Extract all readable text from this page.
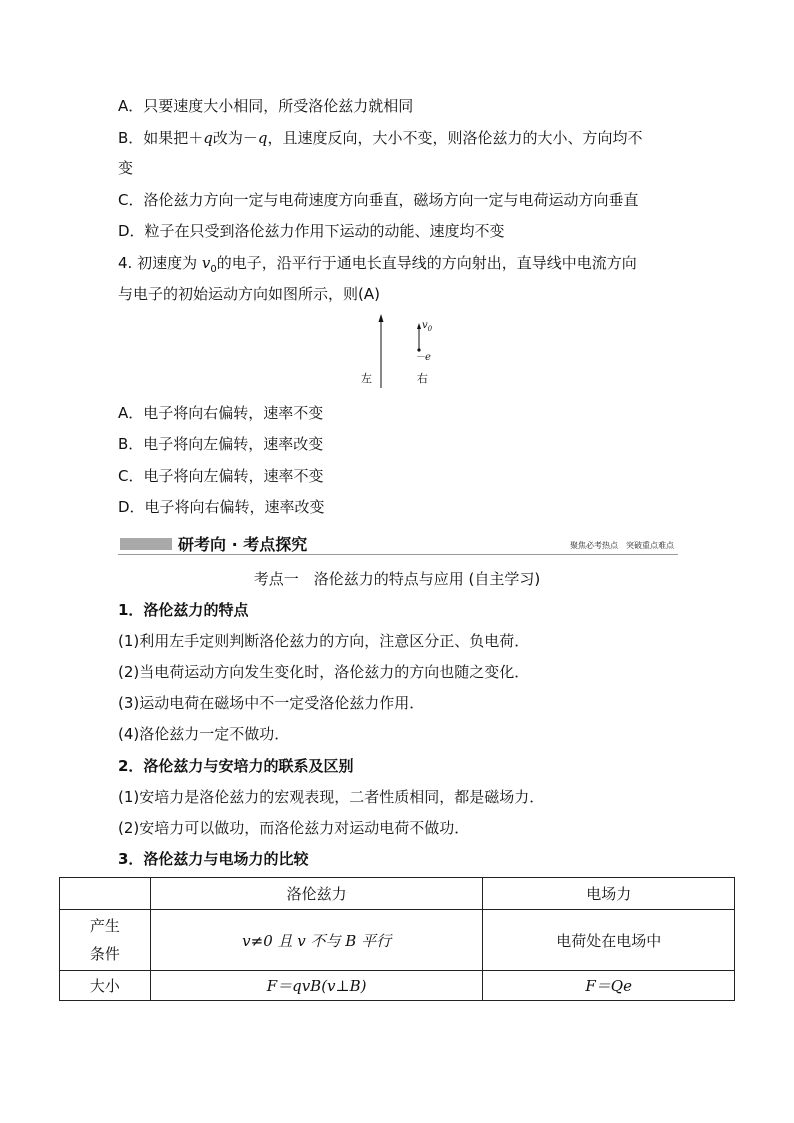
A．只要速度大小相同，所受洛伦兹力就相同
B．如果把＋q改为－q，且速度反向，大小不变，则洛伦兹力的大小、方向均不
变
C．洛伦兹力方向一定与电荷速度方向垂直，磁场方向一定与电荷运动方向垂直
D．粒子在只受到洛伦兹力作用下运动的动能、速度均不变
4. 初速度为 $v_0$的电子，沿平行于通电长直导线的方向射出，直导线中电流方向
与电子的初始运动方向如图所示，则(A)
$v_0$
－e
左	右
A．电子将向右偏转，速率不变
B．电子将向左偏转，速率改变
C．电子将向左偏转，速率不变
D．电子将向右偏转，速率改变
研考向 · 考点探究	聚焦必考热点　突破重点难点
考点一　洛伦兹力的特点与应用 (自主学习)
1．洛伦兹力的特点
(1)利用左手定则判断洛伦兹力的方向，注意区分正、负电荷．
(2)当电荷运动方向发生变化时，洛伦兹力的方向也随之变化．
(3)运动电荷在磁场中不一定受洛伦兹力作用．
(4)洛伦兹力一定不做功．
2．洛伦兹力与安培力的联系及区别
(1)安培力是洛伦兹力的宏观表现，二者性质相同，都是磁场力．
(2)安培力可以做功，而洛伦兹力对运动电荷不做功．
3．洛伦兹力与电场力的比较
	洛伦兹力	电场力

产生
条件	v≠0 且 v 不与 B 平行	电荷处在电场中
大小	F＝qvB(v⊥B)	F＝Qe
